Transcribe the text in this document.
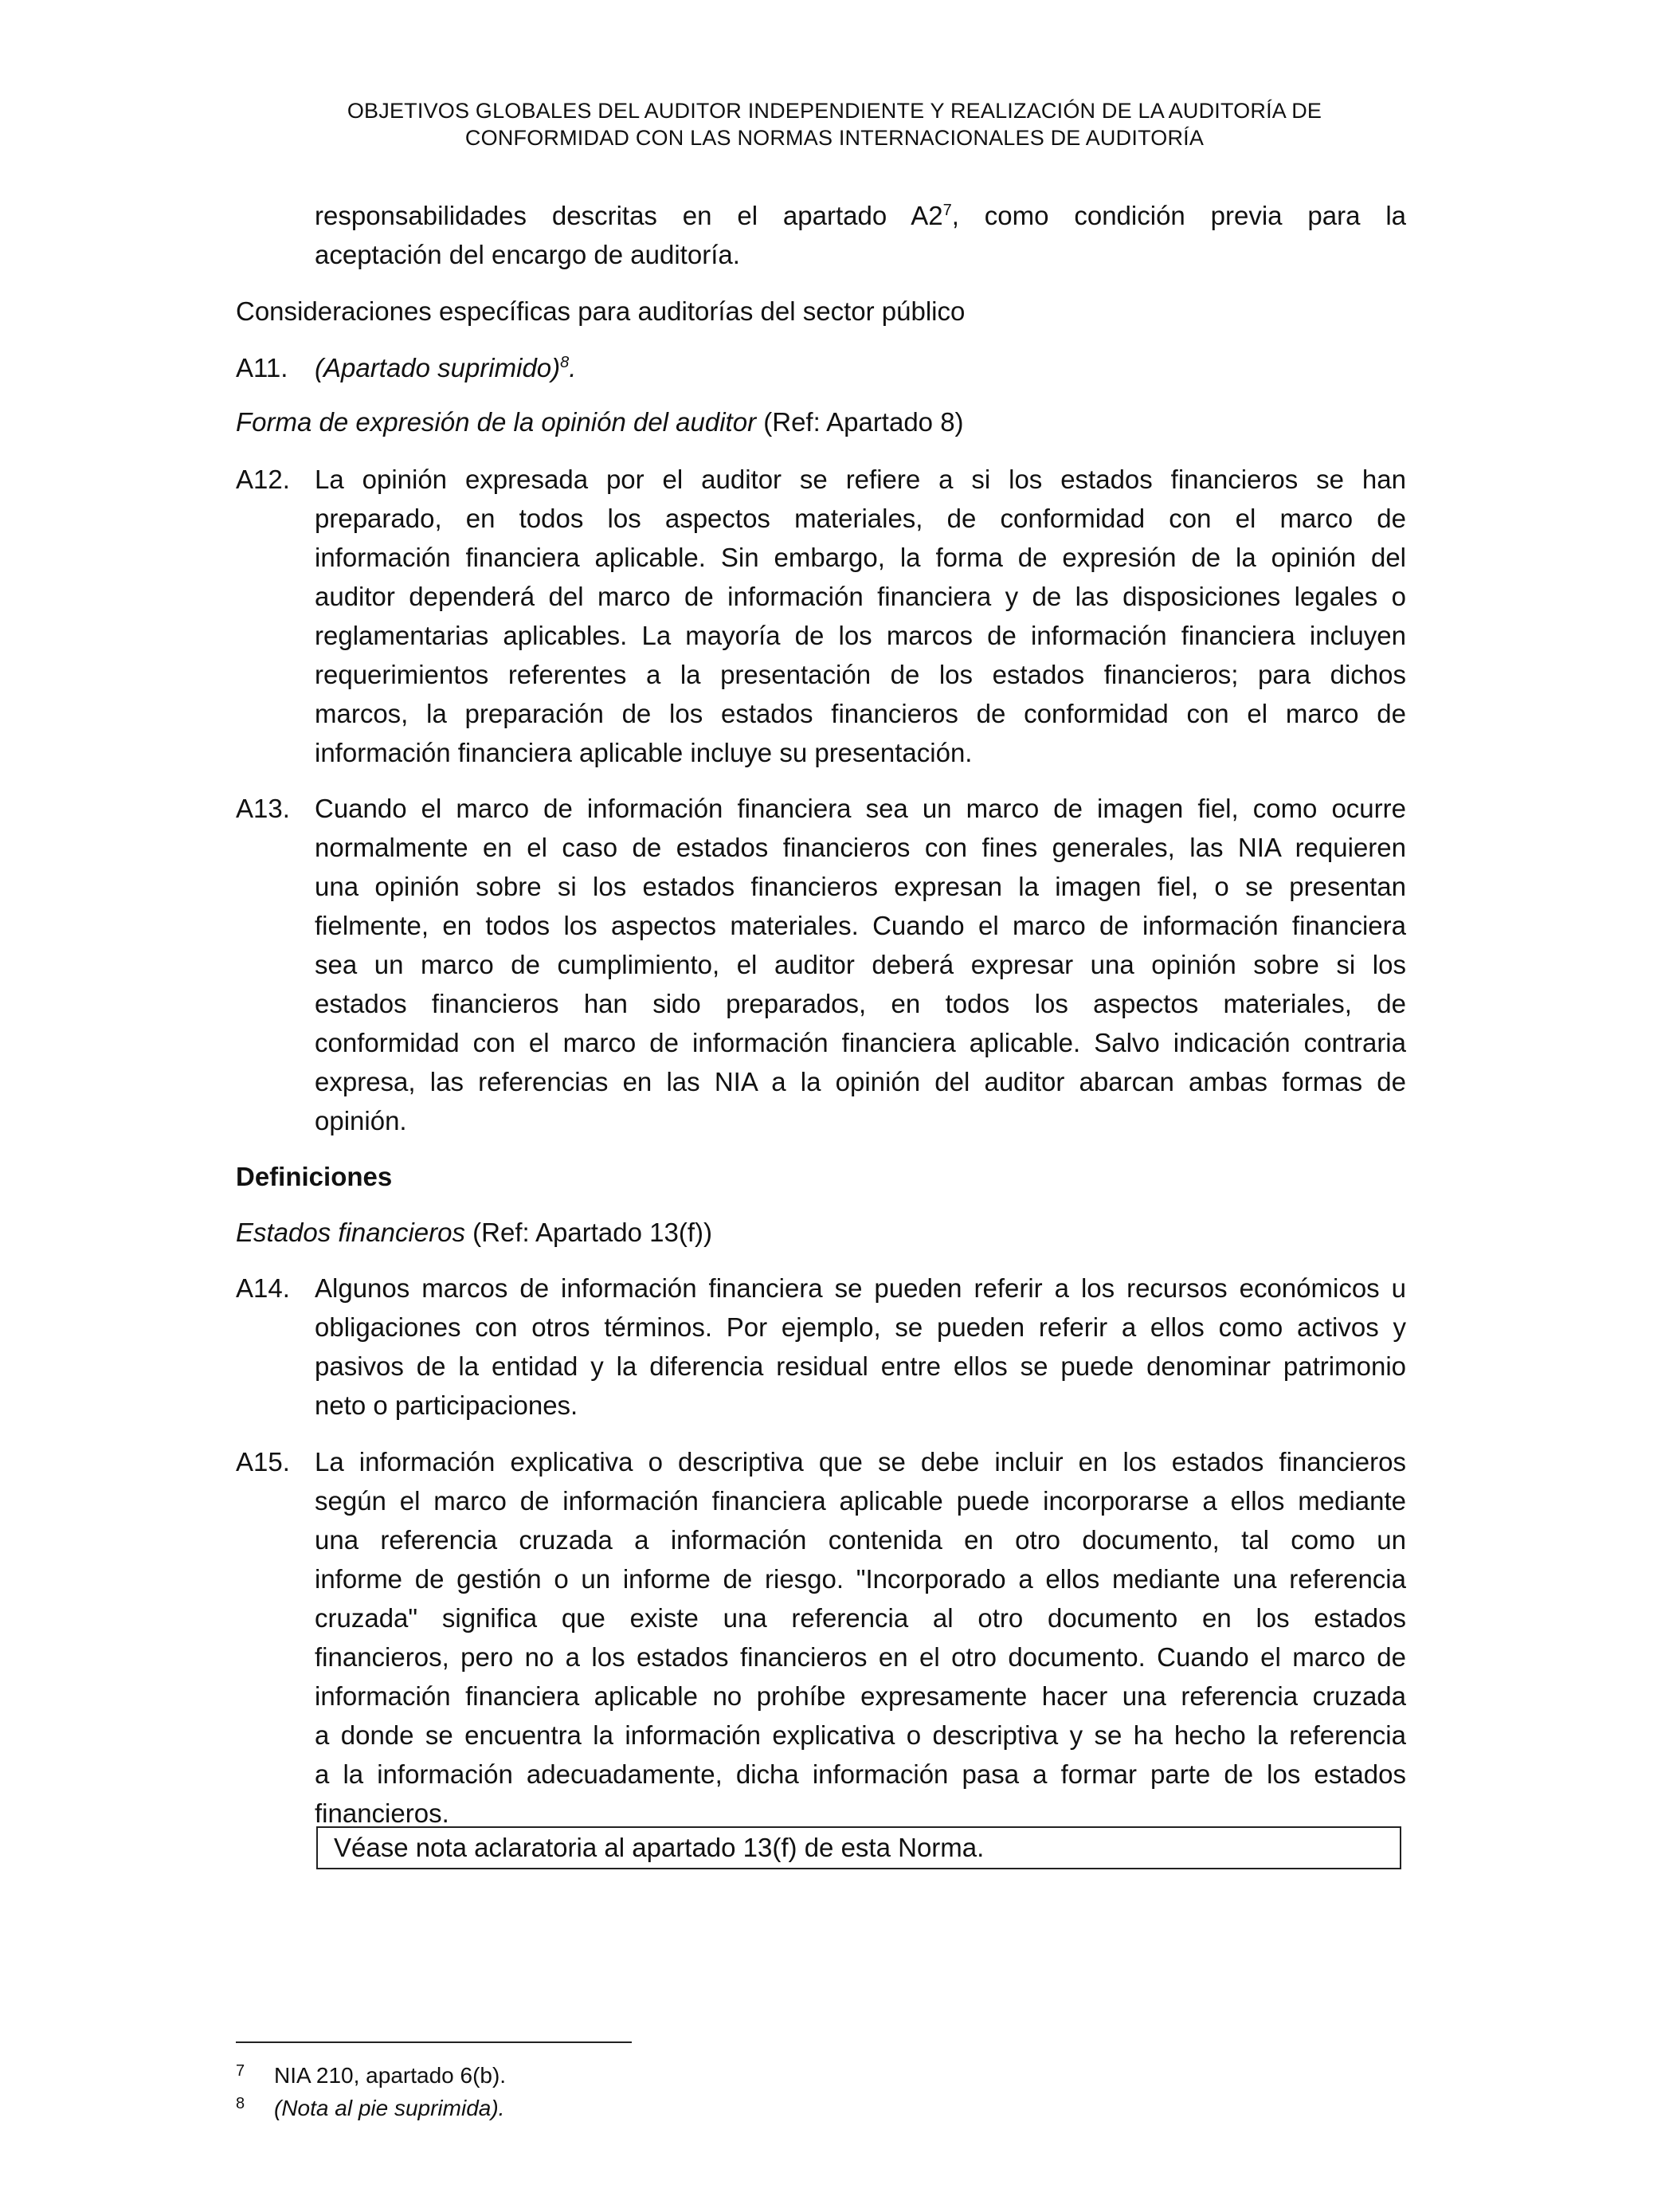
OBJETIVOS GLOBALES DEL AUDITOR INDEPENDIENTE Y REALIZACIÓN DE LA AUDITORÍA DE
CONFORMIDAD CON LAS NORMAS INTERNACIONALES DE AUDITORÍA
responsabilidades descritas en el apartado $A2^7$, como condición previa para la
aceptación del encargo de auditoría.
Consideraciones específicas para auditorías del sector público
A11. (Apartado suprimido)$^8$.
Forma de expresión de la opinión del auditor (Ref: Apartado 8)
A12. La opinión expresada por el auditor se refiere a si los estados financieros se han
preparado, en todos los aspectos materiales, de conformidad con el marco de
información financiera aplicable. Sin embargo, la forma de expresión de la opinión del
auditor dependerá del marco de información financiera y de las disposiciones legales o
reglamentarias aplicables. La mayoría de los marcos de información financiera incluyen
requerimientos referentes a la presentación de los estados financieros; para dichos
marcos, la preparación de los estados financieros de conformidad con el marco de
información financiera aplicable incluye su presentación.
A13. Cuando el marco de información financiera sea un marco de imagen fiel, como ocurre
normalmente en el caso de estados financieros con fines generales, las NIA requieren
una opinión sobre si los estados financieros expresan la imagen fiel, o se presentan
fielmente, en todos los aspectos materiales. Cuando el marco de información financiera
sea un marco de cumplimiento, el auditor deberá expresar una opinión sobre si los
estados financieros han sido preparados, en todos los aspectos materiales, de
conformidad con el marco de información financiera aplicable. Salvo indicación contraria
expresa, las referencias en las NIA a la opinión del auditor abarcan ambas formas de
opinión.
Definiciones
Estados financieros (Ref: Apartado 13(f))
A14. Algunos marcos de información financiera se pueden referir a los recursos económicos u
obligaciones con otros términos. Por ejemplo, se pueden referir a ellos como activos y
pasivos de la entidad y la diferencia residual entre ellos se puede denominar patrimonio
neto o participaciones.
A15. La información explicativa o descriptiva que se debe incluir en los estados financieros
según el marco de información financiera aplicable puede incorporarse a ellos mediante
una referencia cruzada a información contenida en otro documento, tal como un
informe de gestión o un informe de riesgo. "Incorporado a ellos mediante una referencia
cruzada" significa que existe una referencia al otro documento en los estados
financieros, pero no a los estados financieros en el otro documento. Cuando el marco de
información financiera aplicable no prohíbe expresamente hacer una referencia cruzada
a donde se encuentra la información explicativa o descriptiva y se ha hecho la referencia
a la información adecuadamente, dicha información pasa a formar parte de los estados
financieros.
Véase nota aclaratoria al apartado 13(f) de esta Norma.
7 NIA 210, apartado 6(b).
8 (Nota al pie suprimida).
